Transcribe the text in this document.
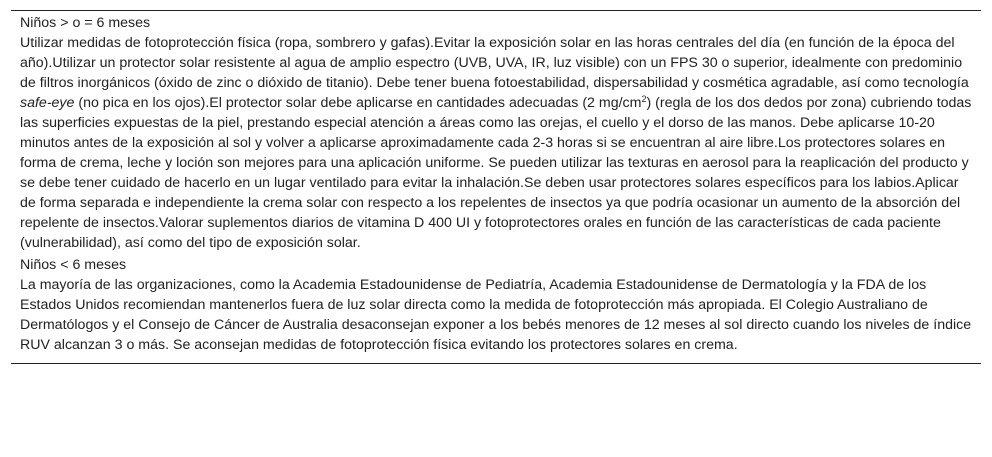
Niños > o = 6 meses
Utilizar medidas de fotoprotección física (ropa, sombrero y gafas).Evitar la exposición solar en las horas centrales del día (en función de la época del año).Utilizar un protector solar resistente al agua de amplio espectro (UVB, UVA, IR, luz visible) con un FPS 30 o superior, idealmente con predominio de filtros inorgánicos (óxido de zinc o dióxido de titanio). Debe tener buena fotoestabilidad, dispersabilidad y cosmética agradable, así como tecnología safe-eye (no pica en los ojos).El protector solar debe aplicarse en cantidades adecuadas (2 $mg/cm^2$) (regla de los dos dedos por zona) cubriendo todas las superficies expuestas de la piel, prestando especial atención a áreas como las orejas, el cuello y el dorso de las manos. Debe aplicarse 10-20 minutos antes de la exposición al sol y volver a aplicarse aproximadamente cada 2-3 horas si se encuentran al aire libre.Los protectores solares en forma de crema, leche y loción son mejores para una aplicación uniforme. Se pueden utilizar las texturas en aerosol para la reaplicación del producto y se debe tener cuidado de hacerlo en un lugar ventilado para evitar la inhalación.Se deben usar protectores solares específicos para los labios.Aplicar de forma separada e independiente la crema solar con respecto a los repelentes de insectos ya que podría ocasionar un aumento de la absorción del repelente de insectos.Valorar suplementos diarios de vitamina D 400 UI y fotoprotectores orales en función de las características de cada paciente (vulnerabilidad), así como del tipo de exposición solar.
Niños < 6 meses
La mayoría de las organizaciones, como la Academia Estadounidense de Pediatría, Academia Estadounidense de Dermatología y la FDA de los Estados Unidos recomiendan mantenerlos fuera de luz solar directa como la medida de fotoprotección más apropiada. El Colegio Australiano de Dermatólogos y el Consejo de Cáncer de Australia desaconsejan exponer a los bebés menores de 12 meses al sol directo cuando los niveles de índice RUV alcanzan 3 o más. Se aconsejan medidas de fotoprotección física evitando los protectores solares en crema.
